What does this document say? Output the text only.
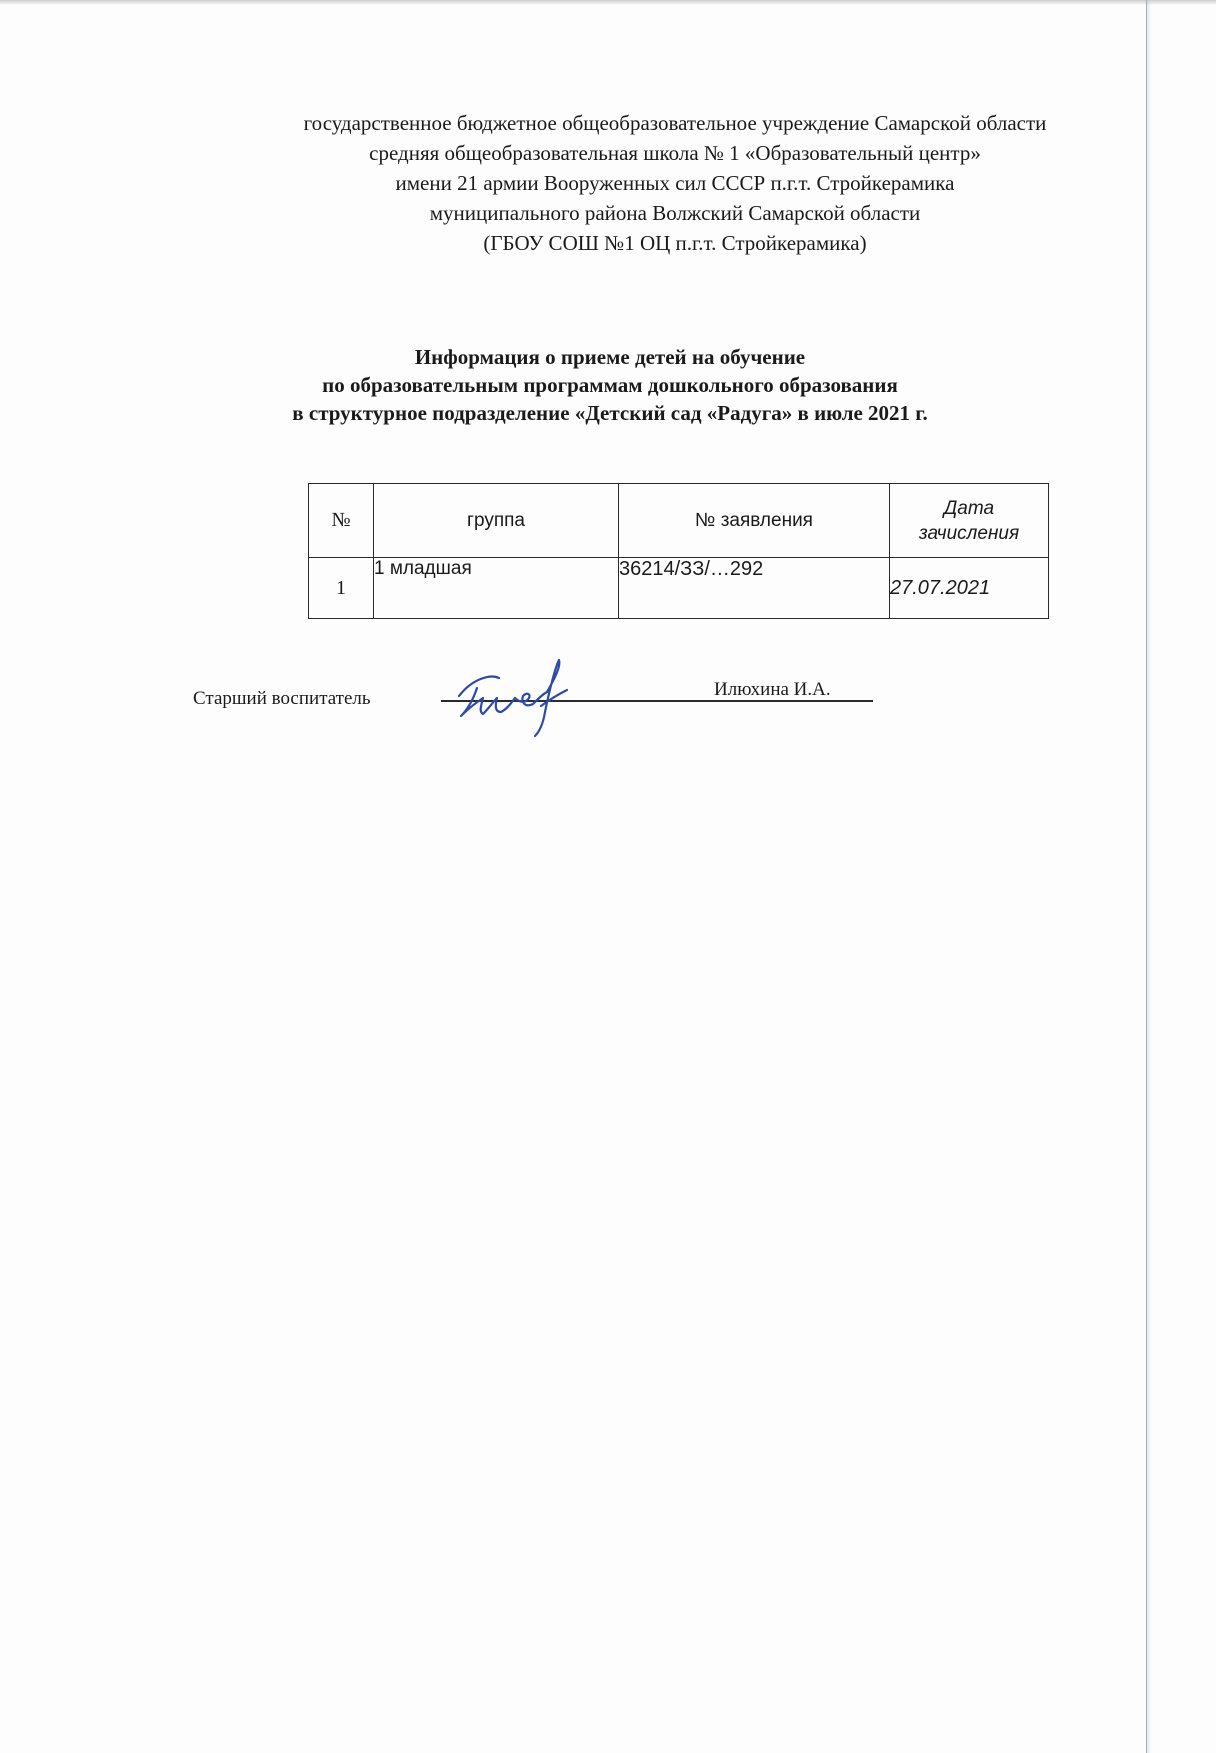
государственное бюджетное общеобразовательное учреждение Самарской области
средняя общеобразовательная школа № 1 «Образовательный центр»
имени 21 армии Вооруженных сил СССР п.г.т. Стройкерамика
муниципального района Волжский Самарской области
(ГБОУ СОШ №1 ОЦ п.г.т. Стройкерамика)
Информация о приеме детей на обучение
по образовательным программам дошкольного образования
в структурное подразделение «Детский сад «Радуга» в июле 2021 г.
№	группа	№ заявления	Дата
зачисления
1	1 младшая	36214/ЗЗ/…292	27.07.2021
Старший воспитатель	Илюхина И.А.
